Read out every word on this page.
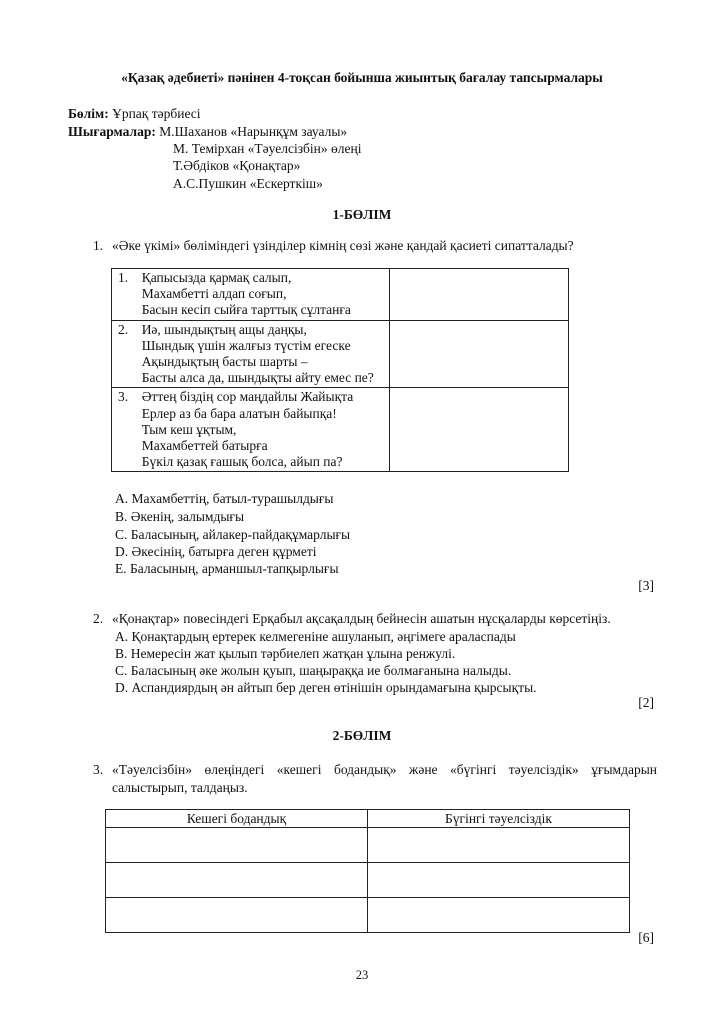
«Қазақ әдебиеті» пәнінен 4-тоқсан бойынша жиынтық бағалау тапсырмалары
Бөлім: Ұрпақ тәрбиесі
Шығармалар: М.Шаханов «Нарынқұм зауалы»
М. Темірхан «Тәуелсізбін» өлеңі
Т.Әбдіков «Қонақтар»
А.С.Пушкин «Ескерткіш»
1-БӨЛІМ
1. «Әке үкімі» бөліміндегі үзінділер кімнің сөзі және қандай қасиеті сипатталады?
1.	Қапысызда қармақ салып,
Махамбетті алдап соғып,
Басын кесіп сыйға тарттық сұлтанға	

2.	Иә, шындықтың ащы даңқы,
Шындық үшін жалғыз түстім егеске
Ақындықтың басты шарты –
Басты алса да, шындықты айту емес пе?	

3.	Әттең біздің сор маңдайлы Жайықта
Ерлер аз ба бара алатын байыпқа!
Тым кеш ұқтым,
Махамбеттей батырға
Бүкіл қазақ ғашық болса, айып па?	

A. Махамбеттің, батыл-турашылдығы
B. Әкенің, залымдығы
C. Баласының, айлакер-пайдақұмарлығы
D. Әкесінің, батырға деген құрметі
E. Баласының, арманшыл-тапқырлығы
[3]
2. «Қонақтар» повесіндегі Ерқабыл ақсақалдың бейнесін ашатын нұсқаларды көрсетіңіз.
A. Қонақтардың ертерек келмегеніне ашуланып, әңгімеге араласпады
B. Немересін жат қылып тәрбиелеп жатқан ұлына ренжулі.
C. Баласының әке жолын қуып, шаңыраққа ие болмағанына налыды.
D. Аспандиярдың ән айтып бер деген өтінішін орындамағына қырсықты.
[2]
2-БӨЛІМ
3. «Тәуелсізбін» өлеңіндегі «кешегі бодандық» және «бүгінгі тәуелсіздік» ұғымдарын
салыстырып, талдаңыз.
Кешегі бодандық	Бүгінгі тәуелсіздік

[6]
23
